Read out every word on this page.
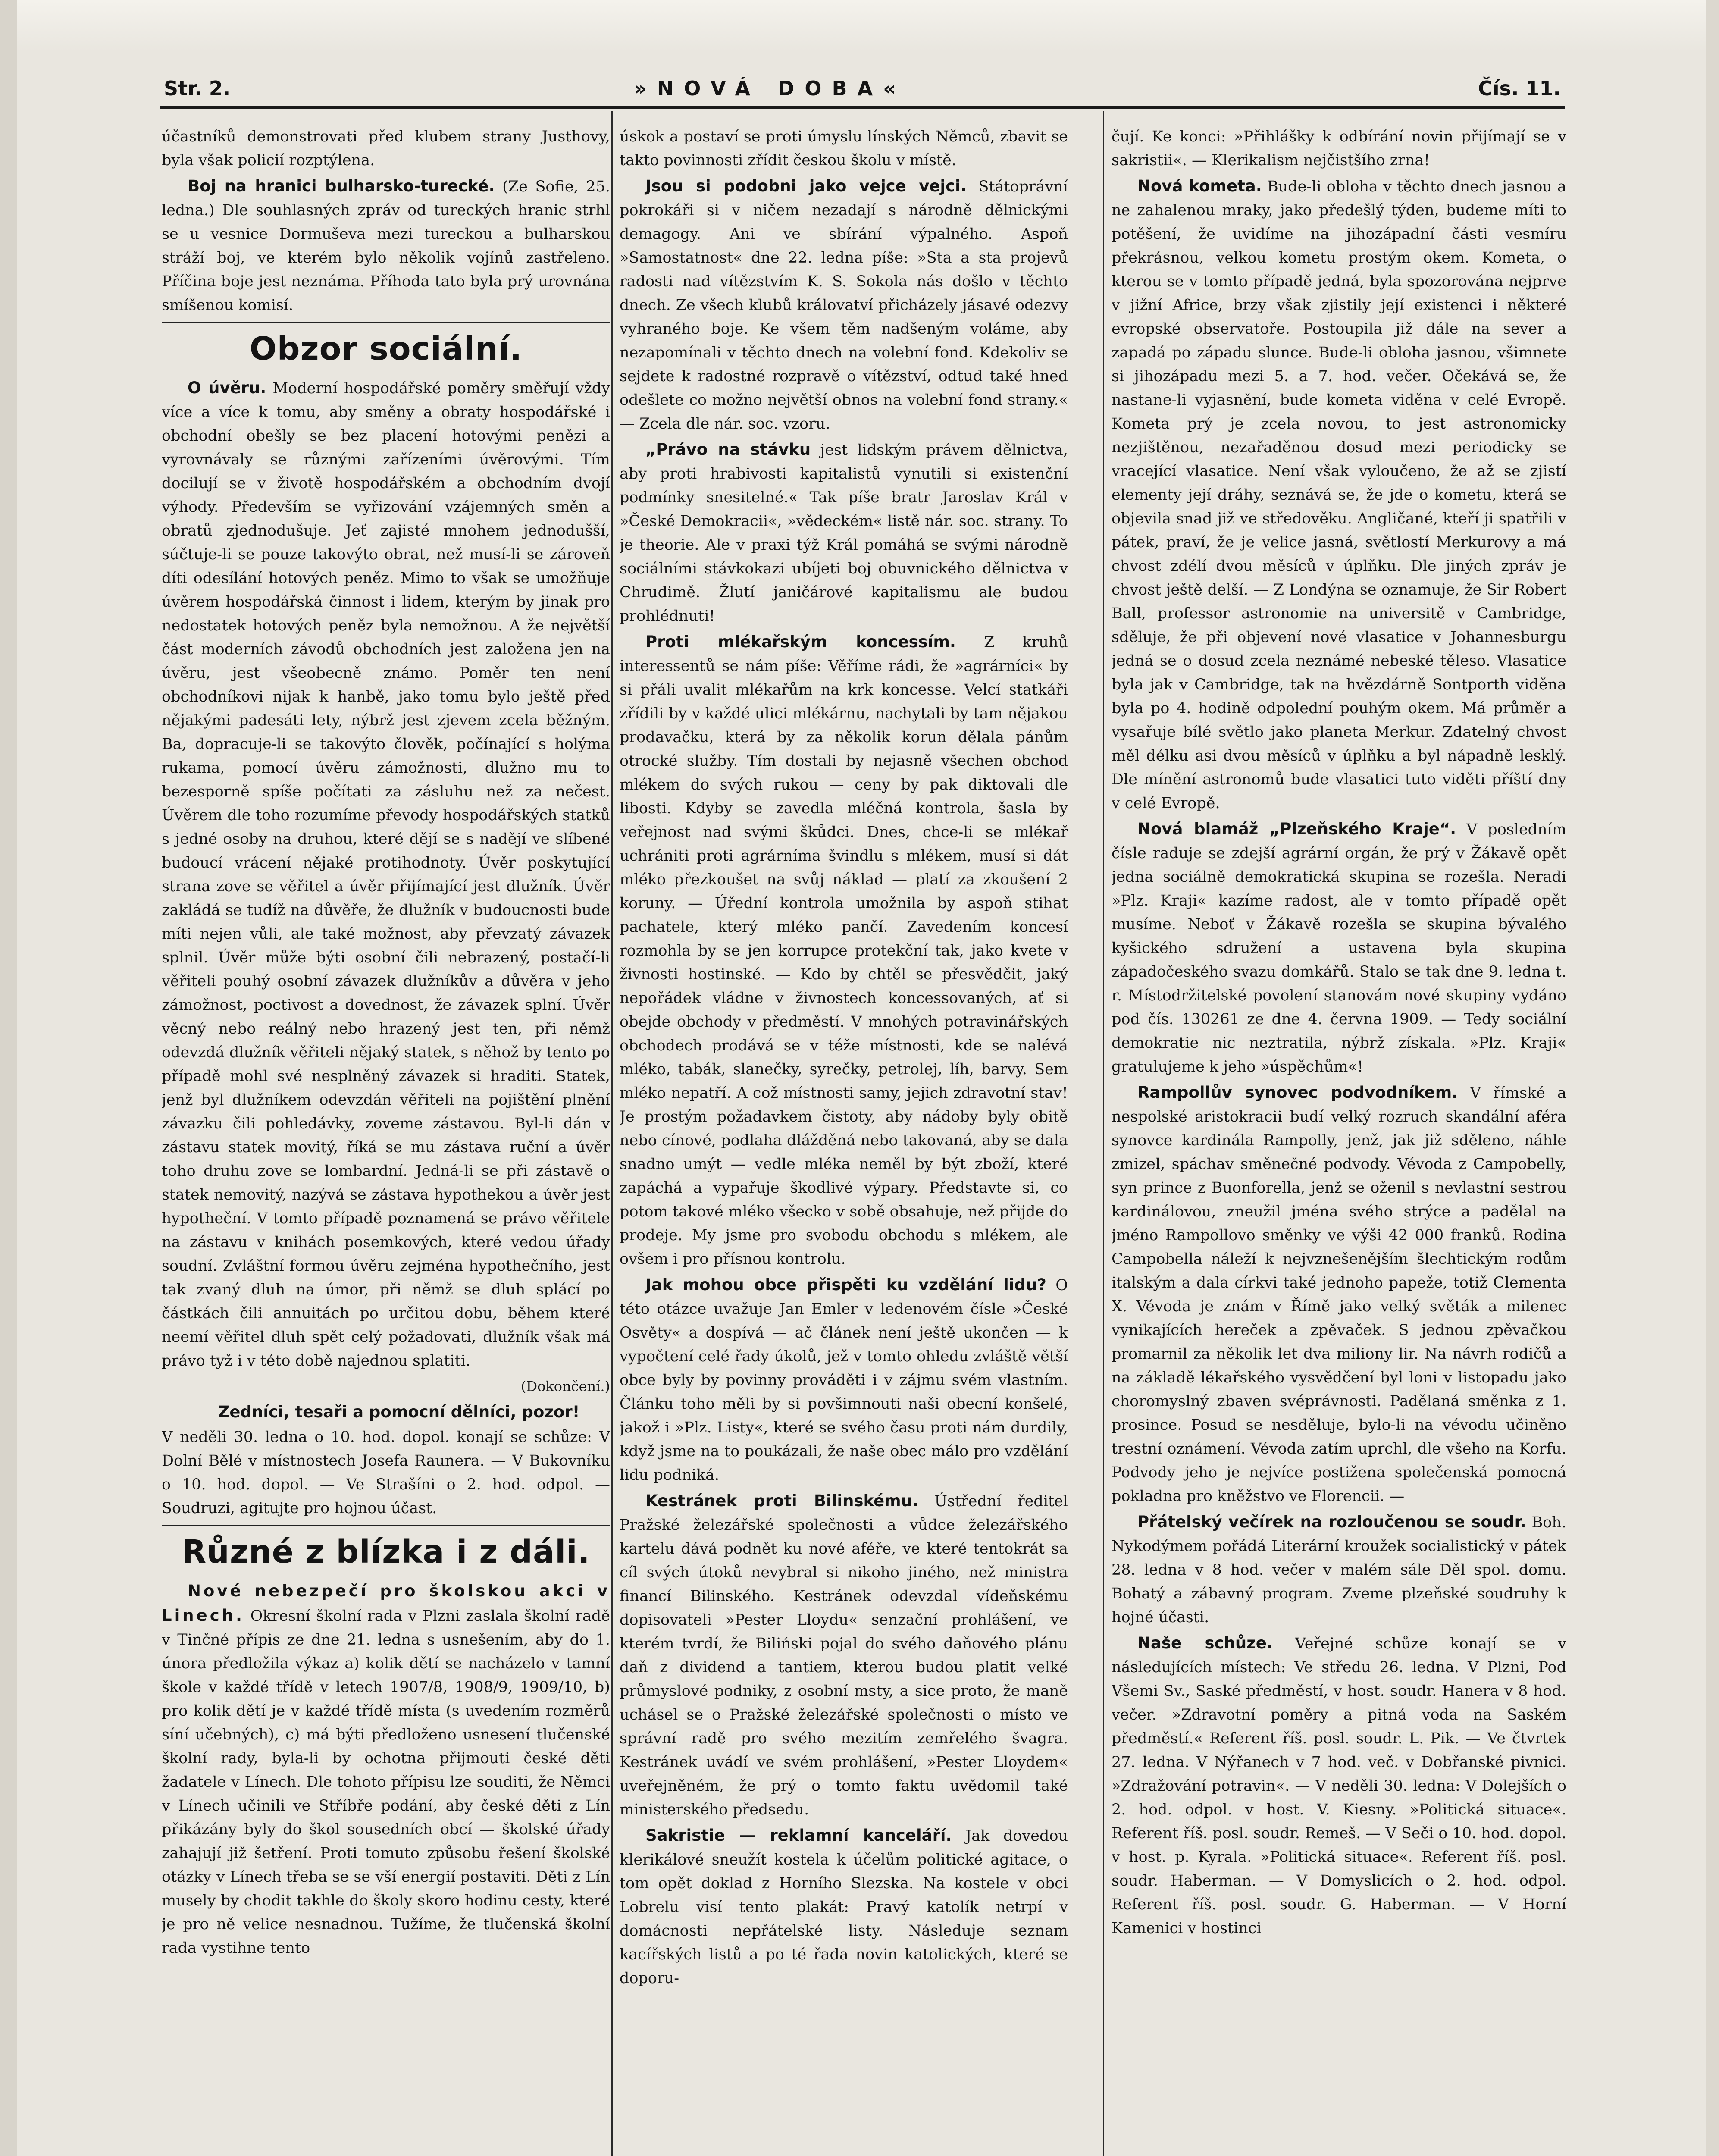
Str. 2.	»NOVÁ DOBA«	Čís. 11.

účastníků demonstrovati před klubem strany Justhovy, byla však policií rozptýlena.

Boj na hranici bulharsko-turecké. (Ze Sofie, 25. ledna.) Dle souhlasných zpráv od tureckých hranic strhl se u vesnice Dormuševa mezi tureckou a bulharskou stráží boj, ve kterém bylo několik vojínů zastřeleno. Příčina boje jest neznáma. Příhoda tato byla prý urovnána smíšenou komisí.

Obzor sociální.

O úvěru. Moderní hospodářské poměry směřují vždy více a více k tomu, aby směny a obraty hospodářské i obchodní obešly se bez placení hotovými penězi a vyrovnávaly se různými zařízeními úvěrovými. Tím docilují se v životě hospodářském a obchodním dvojí výhody. Především se vyřizování vzájemných směn a obratů zjednodušuje. Jeť zajisté mnohem jednodušší, súčtuje-li se pouze takovýto obrat, než musí-li se zároveň díti odesílání hotových peněz. Mimo to však se umožňuje úvěrem hospodářská činnost i lidem, kterým by jinak pro nedostatek hotových peněz byla nemožnou. A že největší část moderních závodů obchodních jest založena jen na úvěru, jest všeobecně známo. Poměr ten není obchodníkovi nijak k hanbě, jako tomu bylo ještě před nějakými padesáti lety, nýbrž jest zjevem zcela běžným. Ba, dopracuje-li se takovýto člověk, počínající s holýma rukama, pomocí úvěru zámožnosti, dlužno mu to bezesporně spíše počítati za zásluhu než za nečest. Úvěrem dle toho rozumíme převody hospodářských statků s jedné osoby na druhou, které dějí se s nadějí ve slíbené budoucí vrácení nějaké protihodnoty. Úvěr poskytující strana zove se věřitel a úvěr přijímající jest dlužník. Úvěr zakládá se tudíž na důvěře, že dlužník v budoucnosti bude míti nejen vůli, ale také možnost, aby převzatý závazek splnil. Úvěr může býti osobní čili nebrazený, postačí-li věřiteli pouhý osobní závazek dlužníkův a důvěra v jeho zámožnost, poctivost a dovednost, že závazek splní. Úvěr věcný nebo reálný nebo hrazený jest ten, při němž odevzdá dlužník věřiteli nějaký statek, s něhož by tento po případě mohl své nesplněný závazek si hraditi. Statek, jenž byl dlužníkem odevzdán věřiteli na pojištění plnění závazku čili pohledávky, zoveme zástavou. Byl-li dán v zástavu statek movitý, říká se mu zástava ruční a úvěr toho druhu zove se lombardní. Jedná-li se při zástavě o statek nemovitý, nazývá se zástava hypothekou a úvěr jest hypotheční. V tomto případě poznamená se právo věřitele na zástavu v knihách posemkových, které vedou úřady soudní. Zvláštní formou úvěru zejména hypothečního, jest tak zvaný dluh na úmor, při němž se dluh splácí po částkách čili annuitách po určitou dobu, během které neemí věřitel dluh spět celý požadovati, dlužník však má právo tyž i v této době najednou splatiti.

(Dokončení.)

Zedníci, tesaři a pomocní dělníci, pozor!

V neděli 30. ledna o 10. hod. dopol. konají se schůze: V Dolní Bělé v místnostech Josefa Raunera. — V Bukovníku o 10. hod. dopol. — Ve Strašíni o 2. hod. odpol. — Soudruzi, agitujte pro hojnou účast.

Různé z blízka i z dáli.

Nové nebezpečí pro školskou akci v Linech. Okresní školní rada v Plzni zaslala školní radě v Tinčné přípis ze dne 21. ledna s usnešením, aby do 1. února předložila výkaz a) kolik dětí se nacházelo v tamní škole v každé třídě v letech 1907/8, 1908/9, 1909/10, b) pro kolik dětí je v každé třídě místa (s uvedením rozměrů síní učebných), c) má býti předloženo usnesení tlučenské školní rady, byla-li by ochotna přijmouti české děti žadatele v Línech. Dle tohoto přípisu lze souditi, že Němci v Línech učinili ve Stříbře podání, aby české děti z Lín přikázány byly do škol sousedních obcí — školské úřady zahajují již šetření. Proti tomuto způsobu řešení školské otázky v Línech třeba se se vší energií postaviti. Děti z Lín musely by chodit takhle do školy skoro hodinu cesty, které je pro ně velice nesnadnou. Tužíme, že tlučenská školní rada vystihne tento

úskok a postaví se proti úmyslu línských Němců, zbavit se takto povinnosti zřídit českou školu v místě.

Jsou si podobni jako vejce vejci. Státoprávní pokrokáři si v ničem nezadají s národně dělnickými demagogy. Ani ve sbírání výpalného. Aspoň »Samostatnost« dne 22. ledna píše: »Sta a sta projevů radosti nad vítězstvím K. S. Sokola nás došlo v těchto dnech. Ze všech klubů královatví přicházely jásavé odezvy vyhraného boje. Ke všem těm nadšeným voláme, aby nezapomínali v těchto dnech na volební fond. Kdekoliv se sejdete k radostné rozpravě o vítězství, odtud také hned odešlete co možno největší obnos na volební fond strany.« — Zcela dle nár. soc. vzoru.

„Právo na stávku jest lidským právem dělnictva, aby proti hrabivosti kapitalistů vynutili si existenční podmínky snesitelné.« Tak píše bratr Jaroslav Král v »České Demokracii«, »vědeckém« listě nár. soc. strany. To je theorie. Ale v praxi týž Král pomáhá se svými národně sociálními stávkokazi ubíjeti boj obuvnického dělnictva v Chrudimě. Žlutí janičárové kapitalismu ale budou prohlédnuti!

Proti mlékařským koncessím. Z kruhů interessentů se nám píše: Věříme rádi, že »agrárníci« by si přáli uvalit mlékařům na krk koncesse. Velcí statkáři zřídili by v každé ulici mlékárnu, nachytali by tam nějakou prodavačku, která by za několik korun dělala pánům otrocké služby. Tím dostali by nejasně všechen obchod mlékem do svých rukou — ceny by pak diktovali dle libosti. Kdyby se zavedla mléčná kontrola, šasla by veřejnost nad svými škůdci. Dnes, chce-li se mlékař uchrániti proti agrárníma švindlu s mlékem, musí si dát mléko přezkoušet na svůj náklad — platí za zkoušení 2 koruny. — Úřední kontrola umožnila by aspoň stihat pachatele, který mléko pančí. Zavedením koncesí rozmohla by se jen korrupce protekční tak, jako kvete v živnosti hostinské. — Kdo by chtěl se přesvědčit, jaký nepořádek vládne v živnostech koncessovaných, ať si obejde obchody v předměstí. V mnohých potravinářských obchodech prodává se v téže místnosti, kde se nalévá mléko, tabák, slanečky, syrečky, petrolej, líh, barvy. Sem mléko nepatří. A což místnosti samy, jejich zdravotní stav! Je prostým požadavkem čistoty, aby nádoby byly obitě nebo cínové, podlaha dlážděná nebo takovaná, aby se dala snadno umýt — vedle mléka neměl by být zboží, které zapáchá a vypařuje škodlivé výpary. Představte si, co potom takové mléko všecko v sobě obsahuje, než přijde do prodeje. My jsme pro svobodu obchodu s mlékem, ale ovšem i pro přísnou kontrolu.

Jak mohou obce přispěti ku vzdělání lidu? O této otázce uvažuje Jan Emler v ledenovém čísle »České Osvěty« a dospívá — ač článek není ještě ukončen — k vypočtení celé řady úkolů, jež v tomto ohledu zvláště větší obce byly by povinny prováděti i v zájmu svém vlastním. Článku toho měli by si povšimnouti naši obecní konšelé, jakož i »Plz. Listy«, které se svého času proti nám durdily, když jsme na to poukázali, že naše obec málo pro vzdělání lidu podniká.

Kestránek proti Bilinskému. Ústřední ředitel Pražské železářské společnosti a vůdce železářského kartelu dává podnět ku nové aféře, ve které tentokrát sa cíl svých útoků nevybral si nikoho jiného, než ministra financí Bilinského. Kestránek odevzdal vídeňskému dopisovateli »Pester Lloydu« senzační prohlášení, ve kterém tvrdí, že Biliński pojal do svého daňového plánu daň z dividend a tantiem, kterou budou platit velké průmyslové podniky, z osobní msty, a sice proto, že maně uchásel se o Pražské železářské společnosti o místo ve správní radě pro svého mezitím zemřelého švagra. Kestránek uvádí ve svém prohlášení, »Pester Lloydem« uveřejněném, že prý o tomto faktu uvědomil také ministerského předsedu.

Sakristie — reklamní kanceláří. Jak dovedou klerikálové sneužít kostela k účelům politické agitace, o tom opět doklad z Horního Slezska. Na kostele v obci Lobrelu visí tento plakát: Pravý katolík netrpí v domácnosti nepřátelské listy. Následuje seznam kacířských listů a po té řada novin katolických, které se doporu-

čují. Ke konci: »Přihlášky k odbírání novin přijímají se v sakristii«. — Klerikalism nejčistšího zrna!

Nová kometa. Bude-li obloha v těchto dnech jasnou a ne zahalenou mraky, jako předešlý týden, budeme míti to potěšení, že uvidíme na jihozápadní části vesmíru překrásnou, velkou kometu prostým okem. Kometa, o kterou se v tomto případě jedná, byla spozorována nejprve v jižní Africe, brzy však zjistily její existenci i některé evropské observatoře. Postoupila již dále na sever a zapadá po západu slunce. Bude-li obloha jasnou, všimnete si jihozápadu mezi 5. a 7. hod. večer. Očekává se, že nastane-li vyjasnění, bude kometa viděna v celé Evropě. Kometa prý je zcela novou, to jest astronomicky nezjištěnou, nezařaděnou dosud mezi periodicky se vracející vlasatice. Není však vyloučeno, že až se zjistí elementy její dráhy, seznává se, že jde o kometu, která se objevila snad již ve středověku. Angličané, kteří ji spatřili v pátek, praví, že je velice jasná, světlostí Merkurovy a má chvost zdélí dvou měsíců v úplňku. Dle jiných zpráv je chvost ještě delší. — Z Londýna se oznamuje, že Sir Robert Ball, professor astronomie na universitě v Cambridge, sděluje, že při objevení nové vlasatice v Johannesburgu jedná se o dosud zcela neznámé nebeské těleso. Vlasatice byla jak v Cambridge, tak na hvězdárně Sontporth viděna byla po 4. hodině odpolední pouhým okem. Má průměr a vysařuje bílé světlo jako planeta Merkur. Zdatelný chvost měl délku asi dvou měsíců v úplňku a byl nápadně lesklý. Dle mínění astronomů bude vlasatici tuto viděti příští dny v celé Evropě.

Nová blamáž „Plzeňského Kraje“. V posledním čísle raduje se zdejší agrární orgán, že prý v Žákavě opět jedna sociálně demokratická skupina se rozešla. Neradi »Plz. Kraji« kazíme radost, ale v tomto případě opět musíme. Neboť v Žákavě rozešla se skupina bývalého kyšického sdružení a ustavena byla skupina západočeského svazu domkářů. Stalo se tak dne 9. ledna t. r. Místodržitelské povolení stanovám nové skupiny vydáno pod čís. 130261 ze dne 4. června 1909. — Tedy sociální demokratie nic neztratila, nýbrž získala. »Plz. Kraji« gratulujeme k jeho »úspěchům«!

Rampollův synovec podvodníkem. V římské a nespolské aristokracii budí velký rozruch skandální aféra synovce kardinála Rampolly, jenž, jak již sděleno, náhle zmizel, spáchav směnečné podvody. Vévoda z Campobelly, syn prince z Buonforella, jenž se oženil s nevlastní sestrou kardinálovou, zneužil jména svého strýce a padělal na jméno Rampollovo směnky ve výši 42 000 franků. Rodina Campobella náleží k nejvznešenějším šlechtickým rodům italským a dala církvi také jednoho papeže, totiž Clementa X. Vévoda je znám v Římě jako velký světák a milenec vynikajících hereček a zpěvaček. S jednou zpěvačkou promarnil za několik let dva miliony lir. Na návrh rodičů a na základě lékařského vysvědčení byl loni v listopadu jako choromyslný zbaven svéprávnosti. Padělaná směnka z 1. prosince. Posud se nesděluje, bylo-li na vévodu učiněno trestní oznámení. Vévoda zatím uprchl, dle všeho na Korfu. Podvody jeho je nejvíce postižena společenská pomocná pokladna pro kněžstvo ve Florencii. —

Přátelský večírek na rozloučenou se soudr. Boh. Nykodýmem pořádá Literární kroužek socialistický v pátek 28. ledna v 8 hod. večer v malém sále Děl spol. domu. Bohatý a zábavný program. Zveme plzeňské soudruhy k hojné účasti.

Naše schůze. Veřejné schůze konají se v následujících místech: Ve středu 26. ledna. V Plzni, Pod Všemi Sv., Saské předměstí, v host. soudr. Hanera v 8 hod. večer. »Zdravotní poměry a pitná voda na Saském předměstí.« Referent říš. posl. soudr. L. Pik. — Ve čtvrtek 27. ledna. V Nýřanech v 7 hod. več. v Dobřanské pivnici. »Zdražování potravin«. — V neděli 30. ledna: V Dolejších o 2. hod. odpol. v host. V. Kiesny. »Politická situace«. Referent říš. posl. soudr. Remeš. — V Seči o 10. hod. dopol. v host. p. Kyrala. »Politická situace«. Referent říš. posl. soudr. Haberman. — V Domyslicích o 2. hod. odpol. Referent říš. posl. soudr. G. Haberman. — V Horní Kamenici v hostinci
